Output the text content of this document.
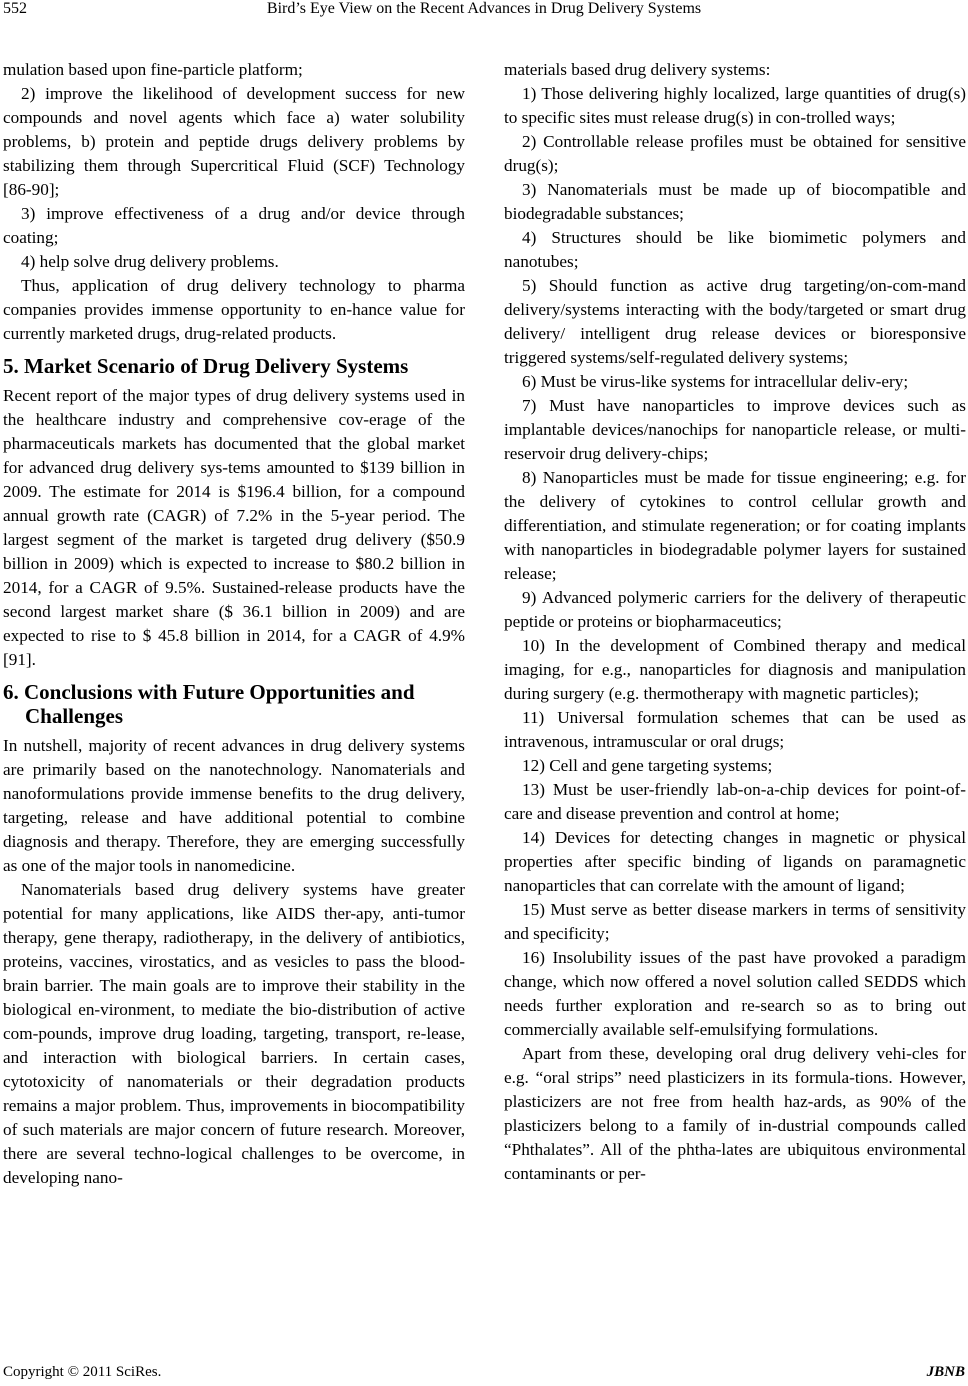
552	Bird’s Eye View on the Recent Advances in Drug Delivery Systems

mulation based upon fine-particle platform;

2) improve the likelihood of development success for new compounds and novel agents which face a) water solubility problems, b) protein and peptide drugs delivery problems by stabilizing them through Supercritical Fluid (SCF) Technology [86-90];

3) improve effectiveness of a drug and/or device through coating;

4) help solve drug delivery problems.

Thus, application of drug delivery technology to pharma companies provides immense opportunity to en-hance value for currently marketed drugs, drug-related products.

5. Market Scenario of Drug Delivery Systems

Recent report of the major types of drug delivery systems used in the healthcare industry and comprehensive cov-erage of the pharmaceuticals markets has documented that the global market for advanced drug delivery sys-tems amounted to $139 billion in 2009. The estimate for 2014 is $196.4 billion, for a compound annual growth rate (CAGR) of 7.2% in the 5-year period. The largest segment of the market is targeted drug delivery ($50.9 billion in 2009) which is expected to increase to $80.2 billion in 2014, for a CAGR of 9.5%. Sustained-release products have the second largest market share ($ 36.1 billion in 2009) and are expected to rise to $ 45.8 billion in 2014, for a CAGR of 4.9% [91].

6. Conclusions with Future Opportunities and Challenges

In nutshell, majority of recent advances in drug delivery systems are primarily based on the nanotechnology. Nanomaterials and nanoformulations provide immense benefits to the drug delivery, targeting, release and have additional potential to combine diagnosis and therapy. Therefore, they are emerging successfully as one of the major tools in nanomedicine.

Nanomaterials based drug delivery systems have greater potential for many applications, like AIDS ther-apy, anti-tumor therapy, gene therapy, radiotherapy, in the delivery of antibiotics, proteins, vaccines, virostatics, and as vesicles to pass the blood-brain barrier. The main goals are to improve their stability in the biological en-vironment, to mediate the bio-distribution of active com-pounds, improve drug loading, targeting, transport, re-lease, and interaction with biological barriers. In certain cases, cytotoxicity of nanomaterials or their degradation products remains a major problem. Thus, improvements in biocompatibility of such materials are major concern of future research. Moreover, there are several techno-logical challenges to be overcome, in developing nano-

materials based drug delivery systems:

1) Those delivering highly localized, large quantities of drug(s) to specific sites must release drug(s) in con-trolled ways;

2) Controllable release profiles must be obtained for sensitive drug(s);

3) Nanomaterials must be made up of biocompatible and biodegradable substances;

4) Structures should be like biomimetic polymers and nanotubes;

5) Should function as active drug targeting/on-com-mand delivery/systems interacting with the body/targeted or smart drug delivery/ intelligent drug release devices or bioresponsive triggered systems/self-regulated delivery systems;

6) Must be virus-like systems for intracellular deliv-ery;

7) Must have nanoparticles to improve devices such as implantable devices/nanochips for nanoparticle release, or multi-reservoir drug delivery-chips;

8) Nanoparticles must be made for tissue engineering; e.g. for the delivery of cytokines to control cellular growth and differentiation, and stimulate regeneration; or for coating implants with nanoparticles in biodegradable polymer layers for sustained release;

9) Advanced polymeric carriers for the delivery of therapeutic peptide or proteins or biopharmaceutics;

10) In the development of Combined therapy and medical imaging, for e.g., nanoparticles for diagnosis and manipulation during surgery (e.g. thermotherapy with magnetic particles);

11) Universal formulation schemes that can be used as intravenous, intramuscular or oral drugs;

12) Cell and gene targeting systems;

13) Must be user-friendly lab-on-a-chip devices for point-of-care and disease prevention and control at home;

14) Devices for detecting changes in magnetic or physical properties after specific binding of ligands on paramagnetic nanoparticles that can correlate with the amount of ligand;

15) Must serve as better disease markers in terms of sensitivity and specificity;

16) Insolubility issues of the past have provoked a paradigm change, which now offered a novel solution called SEDDS which needs further exploration and re-search so as to bring out commercially available self-emulsifying formulations.

Apart from these, developing oral drug delivery vehi-cles for e.g. “oral strips” need plasticizers in its formula-tions. However, plasticizers are not free from health haz-ards, as 90% of the plasticizers belong to a family of in-dustrial compounds called “Phthalates”. All of the phtha-lates are ubiquitous environmental contaminants or per-

Copyright © 2011 SciRes.	JBNB
